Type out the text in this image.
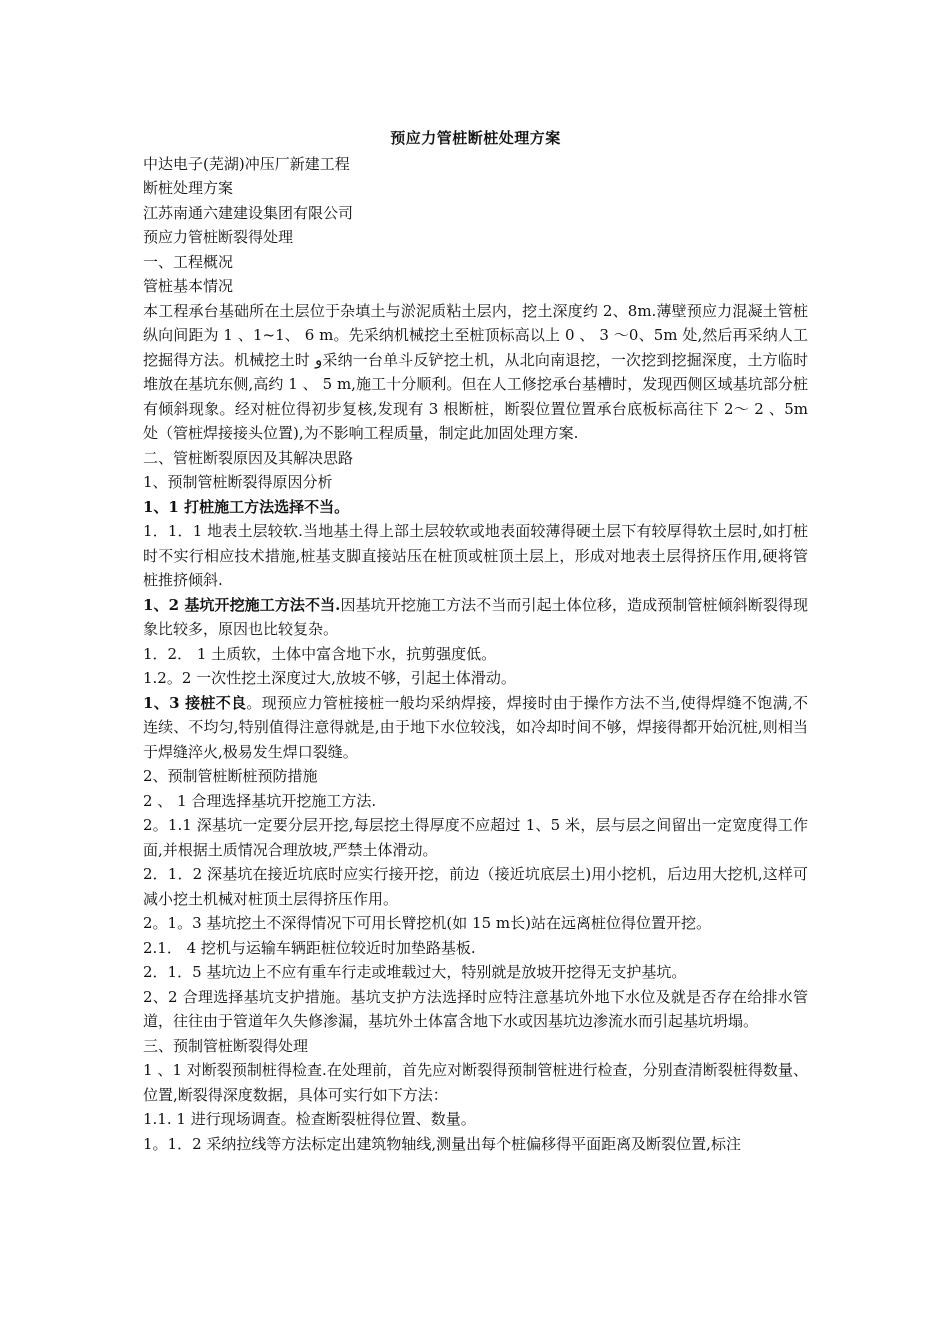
预应力管桩断桩处理方案

中达电子(芜湖)冲压厂新建工程

断桩处理方案

江苏南通六建建设集团有限公司

预应力管桩断裂得处理

一、工程概况

管桩基本情况

本工程承台基础所在土层位于杂填土与淤泥质粘土层内，挖土深度约 2、8m.薄壁预应力混凝土管桩纵向间距为 1 、1~1、 6 m。先采纳机械挖土至桩顶标高以上 0 、 3 ～0、5m 处,然后再采纳人工挖掘得方法。机械挖土时 و采纳一台单斗反铲挖土机，从北向南退挖，一次挖到挖掘深度，土方临时堆放在基坑东侧,高约 1 、 5 m,施工十分顺利。但在人工修挖承台基槽时，发现西侧区域基坑部分桩有倾斜现象。经对桩位得初步复核,发现有 3 根断桩，断裂位置位置承台底板标高往下 2～ 2 、5m 处（管桩焊接接头位置),为不影响工程质量，制定此加固处理方案.

二、管桩断裂原因及其解决思路

1、预制管桩断裂得原因分析

1、1 打桩施工方法选择不当。

1．1．1 地表土层较软.当地基土得上部土层较软或地表面较薄得硬土层下有较厚得软土层时,如打桩时不实行相应技术措施,桩基支脚直接站压在桩顶或桩顶土层上，形成对地表土层得挤压作用,硬将管桩推挤倾斜.

1、2 基坑开挖施工方法不当.因基坑开挖施工方法不当而引起土体位移，造成预制管桩倾斜断裂得现象比较多，原因也比较复杂。

1．2． 1 土质软，土体中富含地下水，抗剪强度低。

1.2。2 一次性挖土深度过大,放坡不够，引起土体滑动。

1、3 接桩不良。现预应力管桩接桩一般均采纳焊接，焊接时由于操作方法不当,使得焊缝不饱满,不连续、不均匀,特别值得注意得就是,由于地下水位较浅，如冷却时间不够，焊接得都开始沉桩,则相当于焊缝淬火,极易发生焊口裂缝。

2、预制管桩断桩预防措施

2 、 1 合理选择基坑开挖施工方法.

2。1.1 深基坑一定要分层开挖,每层挖土得厚度不应超过 1、5 米，层与层之间留出一定宽度得工作面,并根据土质情况合理放坡,严禁土体滑动。

2．1．2 深基坑在接近坑底时应实行接开挖，前边（接近坑底层土)用小挖机，后边用大挖机,这样可减小挖土机械对桩顶土层得挤压作用。

2。1。3 基坑挖土不深得情况下可用长臂挖机(如 15 m长)站在远离桩位得位置开挖。

2.1． 4 挖机与运输车辆距桩位较近时加垫路基板.

2．1．5 基坑边上不应有重车行走或堆载过大，特别就是放坡开挖得无支护基坑。

2、2 合理选择基坑支护措施。基坑支护方法选择时应特注意基坑外地下水位及就是否存在给排水管道，往往由于管道年久失修渗漏，基坑外土体富含地下水或因基坑边渗流水而引起基坑坍塌。

三、预制管桩断裂得处理

1 、1 对断裂预制桩得检查.在处理前，首先应对断裂得预制管桩进行检查，分别查清断裂桩得数量、位置,断裂得深度数据，具体可实行如下方法：

1.1. 1 进行现场调查。检查断裂桩得位置、数量。

1。1．2 采纳拉线等方法标定出建筑物轴线,测量出每个桩偏移得平面距离及断裂位置,标注
